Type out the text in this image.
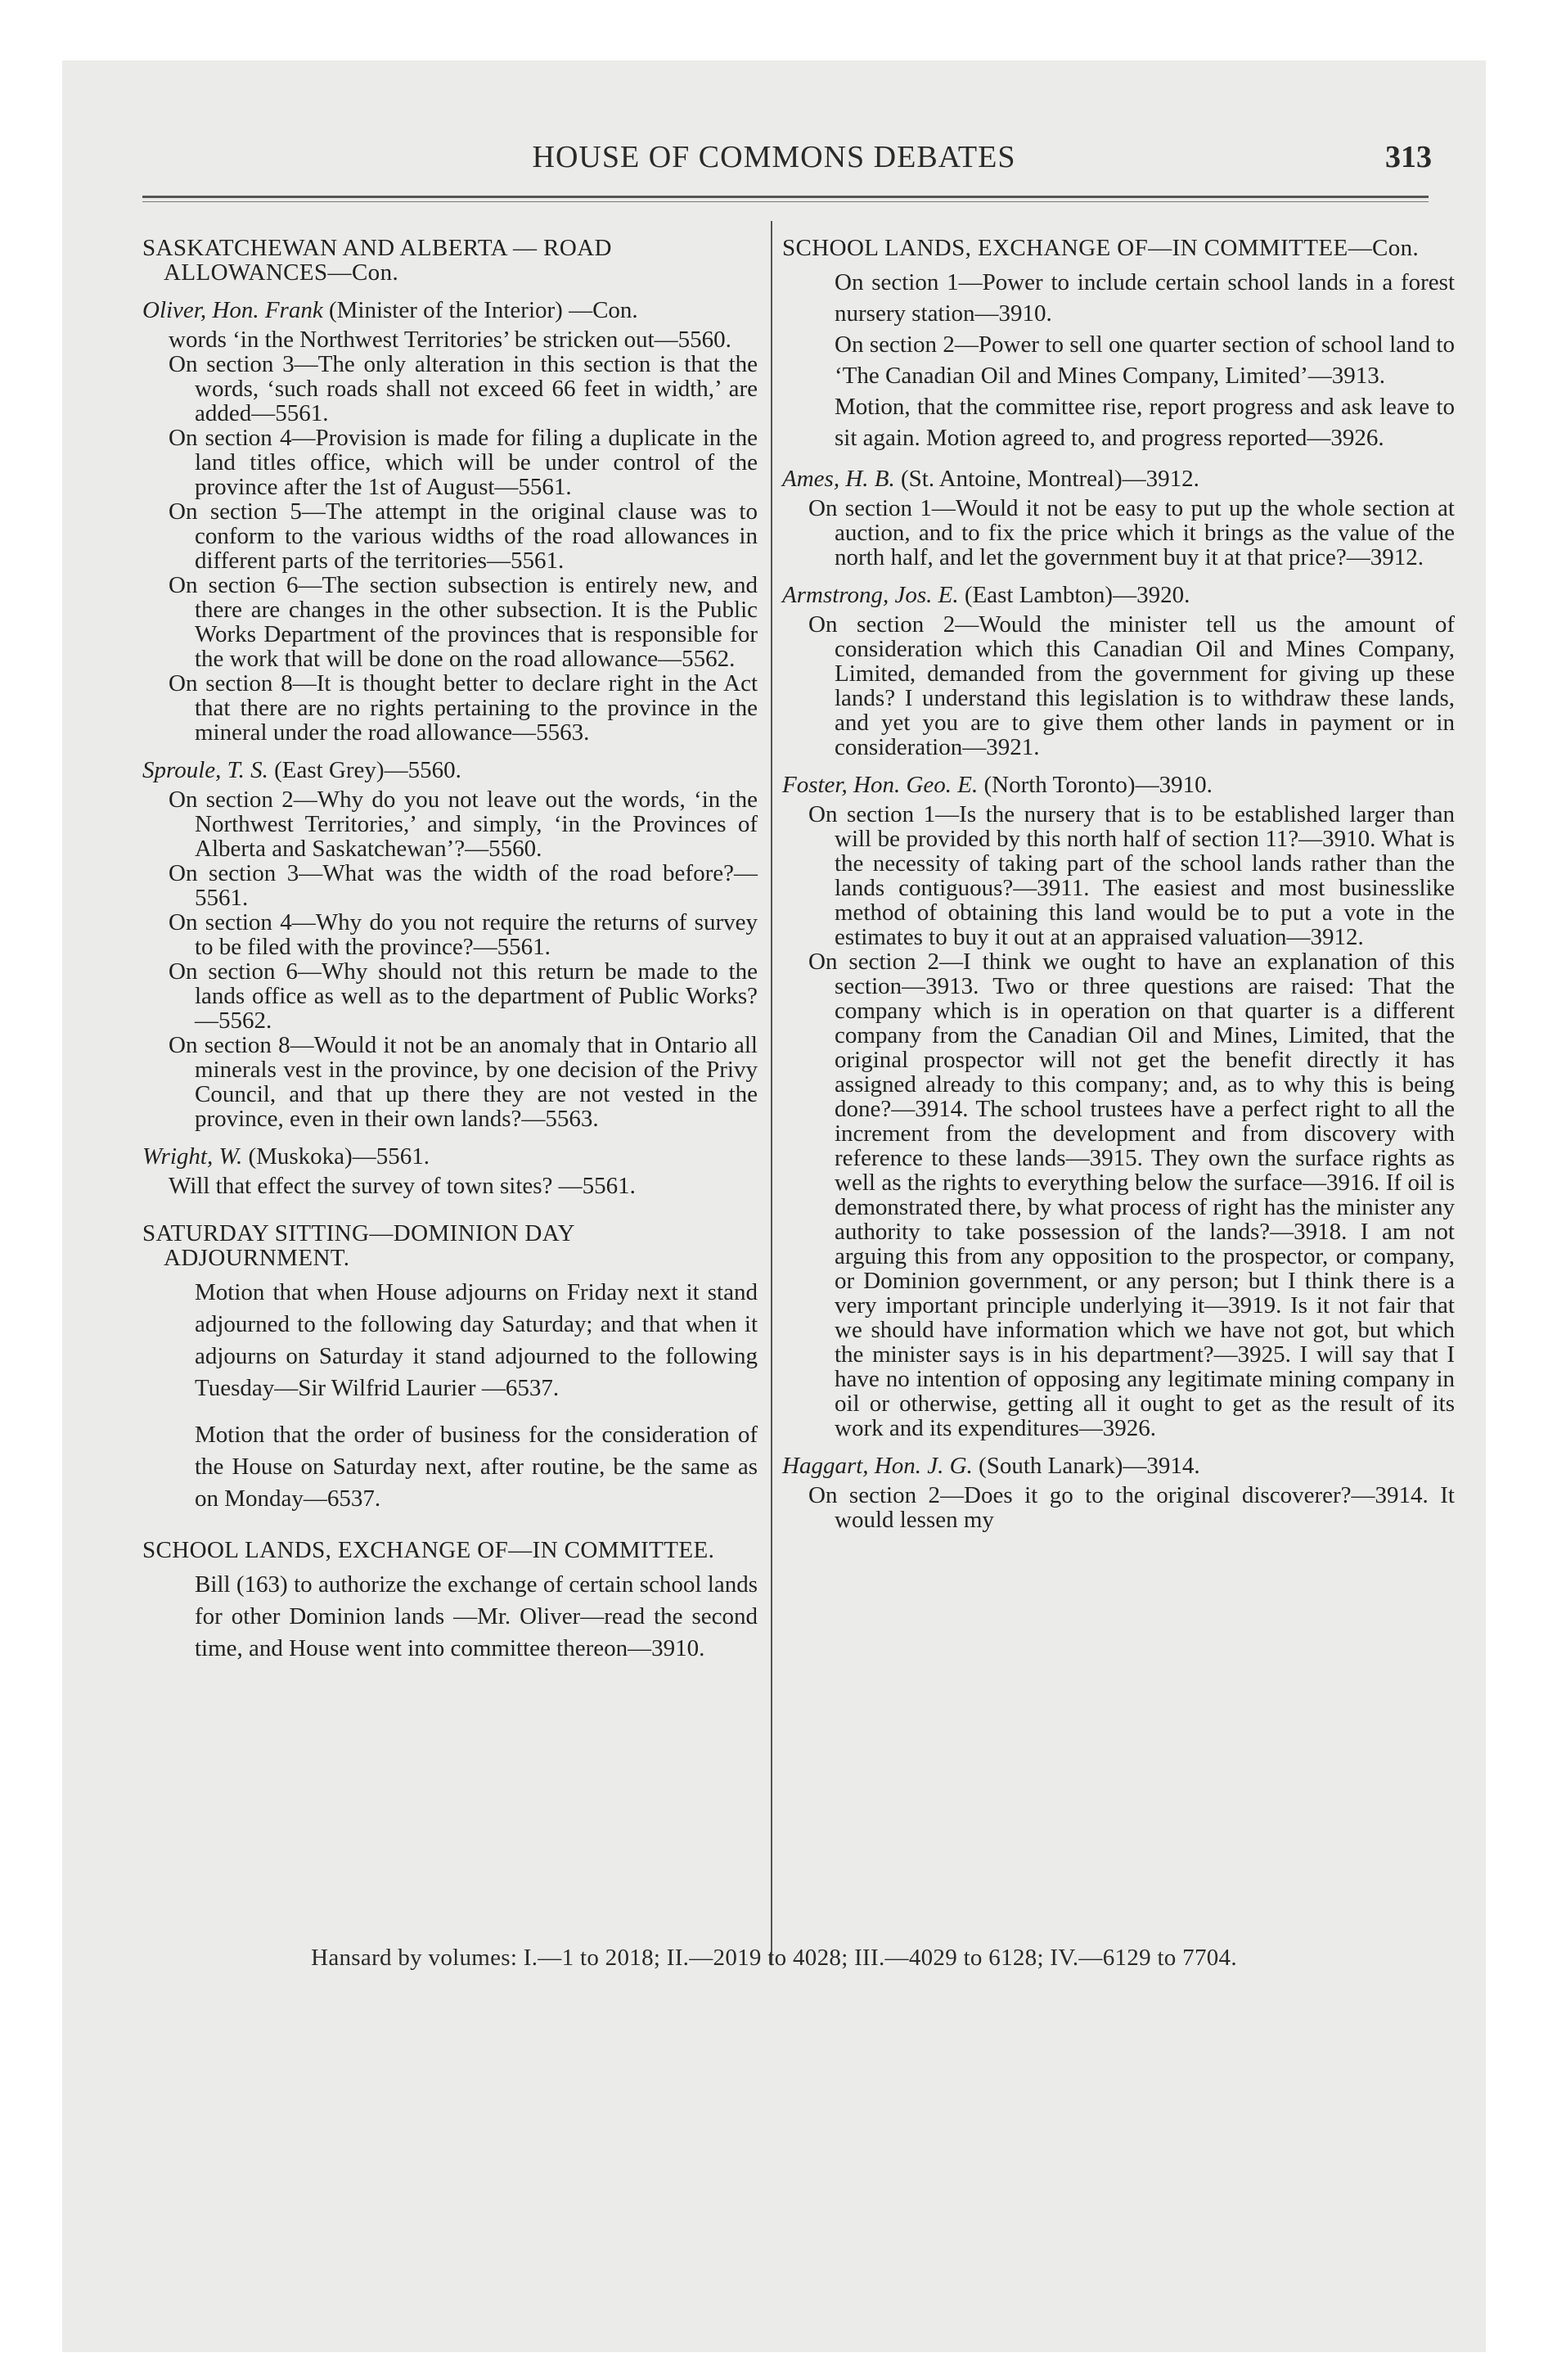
HOUSE OF COMMONS DEBATES	313

SASKATCHEWAN AND ALBERTA — ROAD ALLOWANCES—Con.

Oliver, Hon. Frank (Minister of the Interior) —Con.

words ‘in the Northwest Territories’ be stricken out—5560.

On section 3—The only alteration in this section is that the words, ‘such roads shall not exceed 66 feet in width,’ are added—5561.

On section 4—Provision is made for filing a duplicate in the land titles office, which will be under control of the province after the 1st of August—5561.

On section 5—The attempt in the original clause was to conform to the various widths of the road allowances in different parts of the territories—5561.

On section 6—The section subsection is entirely new, and there are changes in the other subsection. It is the Public Works Department of the provinces that is responsible for the work that will be done on the road allowance—5562.

On section 8—It is thought better to declare right in the Act that there are no rights pertaining to the province in the mineral under the road allowance—5563.

Sproule, T. S. (East Grey)—5560.

On section 2—Why do you not leave out the words, ‘in the Northwest Territories,’ and simply, ‘in the Provinces of Alberta and Saskatchewan’?—5560.

On section 3—What was the width of the road before?—5561.

On section 4—Why do you not require the returns of survey to be filed with the province?—5561.

On section 6—Why should not this return be made to the lands office as well as to the department of Public Works?—5562.

On section 8—Would it not be an anomaly that in Ontario all minerals vest in the province, by one decision of the Privy Council, and that up there they are not vested in the province, even in their own lands?—5563.

Wright, W. (Muskoka)—5561.

Will that effect the survey of town sites? —5561.

SATURDAY SITTING—DOMINION DAY ADJOURNMENT.

Motion that when House adjourns on Friday next it stand adjourned to the following day Saturday; and that when it adjourns on Saturday it stand adjourned to the following Tuesday—Sir Wilfrid Laurier —6537.

Motion that the order of business for the consideration of the House on Saturday next, after routine, be the same as on Monday—6537.

SCHOOL LANDS, EXCHANGE OF—IN COMMITTEE.

Bill (163) to authorize the exchange of certain school lands for other Dominion lands —Mr. Oliver—read the second time, and House went into committee thereon—3910.

SCHOOL LANDS, EXCHANGE OF—IN COMMITTEE—Con.

On section 1—Power to include certain school lands in a forest nursery station—3910.

On section 2—Power to sell one quarter section of school land to ‘The Canadian Oil and Mines Company, Limited’—3913.

Motion, that the committee rise, report progress and ask leave to sit again. Motion agreed to, and progress reported—3926.

Ames, H. B. (St. Antoine, Montreal)—3912.

On section 1—Would it not be easy to put up the whole section at auction, and to fix the price which it brings as the value of the north half, and let the government buy it at that price?—3912.

Armstrong, Jos. E. (East Lambton)—3920.

On section 2—Would the minister tell us the amount of consideration which this Canadian Oil and Mines Company, Limited, demanded from the government for giving up these lands? I understand this legislation is to withdraw these lands, and yet you are to give them other lands in payment or in consideration—3921.

Foster, Hon. Geo. E. (North Toronto)—3910.

On section 1—Is the nursery that is to be established larger than will be provided by this north half of section 11?—3910. What is the necessity of taking part of the school lands rather than the lands contiguous?—3911. The easiest and most businesslike method of obtaining this land would be to put a vote in the estimates to buy it out at an appraised valuation—3912.

On section 2—I think we ought to have an explanation of this section—3913. Two or three questions are raised: That the company which is in operation on that quarter is a different company from the Canadian Oil and Mines, Limited, that the original prospector will not get the benefit directly it has assigned already to this company; and, as to why this is being done?—3914. The school trustees have a perfect right to all the increment from the development and from discovery with reference to these lands—3915. They own the surface rights as well as the rights to everything below the surface—3916. If oil is demonstrated there, by what process of right has the minister any authority to take possession of the lands?—3918. I am not arguing this from any opposition to the prospector, or company, or Dominion government, or any person; but I think there is a very important principle underlying it—3919. Is it not fair that we should have information which we have not got, but which the minister says is in his department?—3925. I will say that I have no intention of opposing any legitimate mining company in oil or otherwise, getting all it ought to get as the result of its work and its expenditures—3926.

Haggart, Hon. J. G. (South Lanark)—3914.

On section 2—Does it go to the original discoverer?—3914. It would lessen my

Hansard by volumes: I.—1 to 2018; II.—2019 to 4028; III.—4029 to 6128; IV.—6129 to 7704.
